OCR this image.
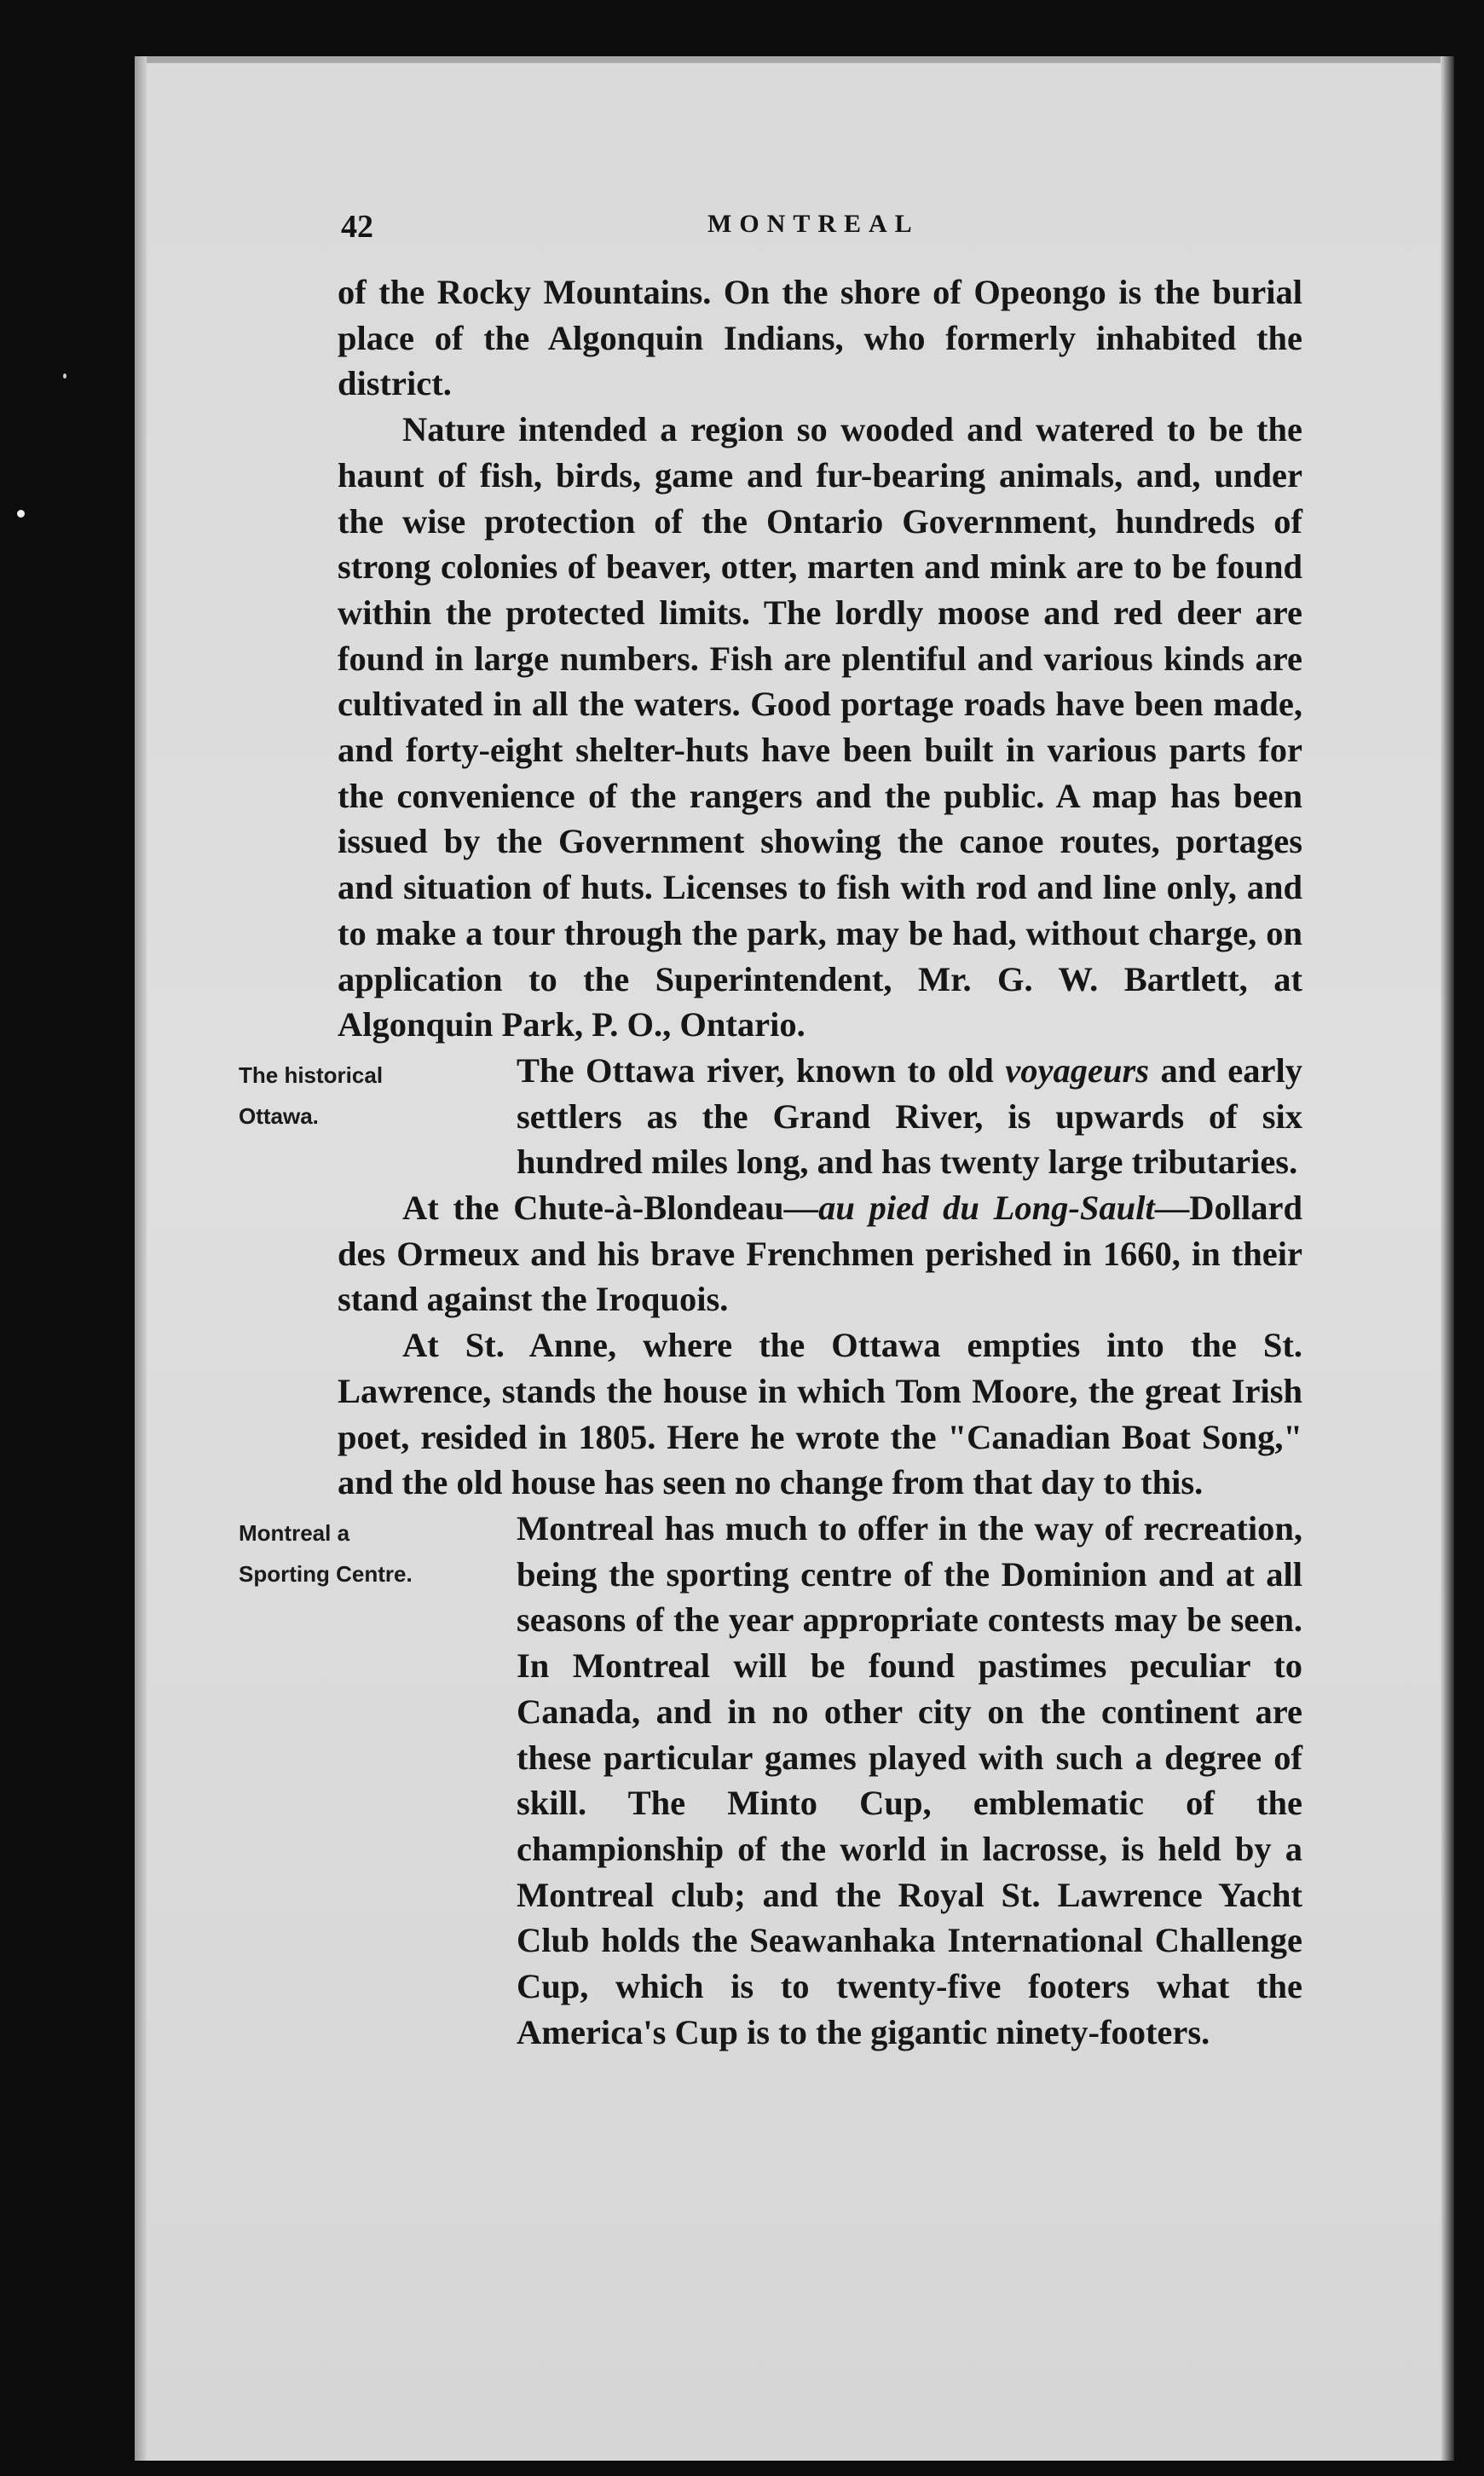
42	MONTREAL

of the Rocky Mountains. On the shore of Opeongo is the burial place of the Algonquin Indians, who formerly inhabited the district.

Nature intended a region so wooded and watered to be the haunt of fish, birds, game and fur-bearing animals, and, under the wise protection of the Ontario Government, hundreds of strong colonies of beaver, otter, marten and mink are to be found within the protected limits. The lordly moose and red deer are found in large numbers. Fish are plentiful and various kinds are cultivated in all the waters. Good portage roads have been made, and forty-eight shelter-huts have been built in various parts for the convenience of the rangers and the public. A map has been issued by the Government showing the canoe routes, portages and situation of huts. Licenses to fish with rod and line only, and to make a tour through the park, may be had, without charge, on application to the Superintendent, Mr. G. W. Bartlett, at Algonquin Park, P. O., Ontario.

The historical
Ottawa.

The Ottawa river, known to old voyageurs and early settlers as the Grand River, is upwards of six hundred miles long, and has twenty large tributaries.

At the Chute-à-Blondeau—au pied du Long-Sault—Dollard des Ormeux and his brave Frenchmen perished in 1660, in their stand against the Iroquois.

At St. Anne, where the Ottawa empties into the St. Lawrence, stands the house in which Tom Moore, the great Irish poet, resided in 1805. Here he wrote the "Canadian Boat Song," and the old house has seen no change from that day to this.

Montreal a
Sporting Centre.

Montreal has much to offer in the way of recreation, being the sporting centre of the Dominion and at all seasons of the year appropriate contests may be seen. In Montreal will be found pastimes peculiar to Canada, and in no other city on the continent are these particular games played with such a degree of skill. The Minto Cup, emblematic of the championship of the world in lacrosse, is held by a Montreal club; and the Royal St. Lawrence Yacht Club holds the Seawanhaka International Challenge Cup, which is to twenty-five footers what the America's Cup is to the gigantic ninety-footers.
